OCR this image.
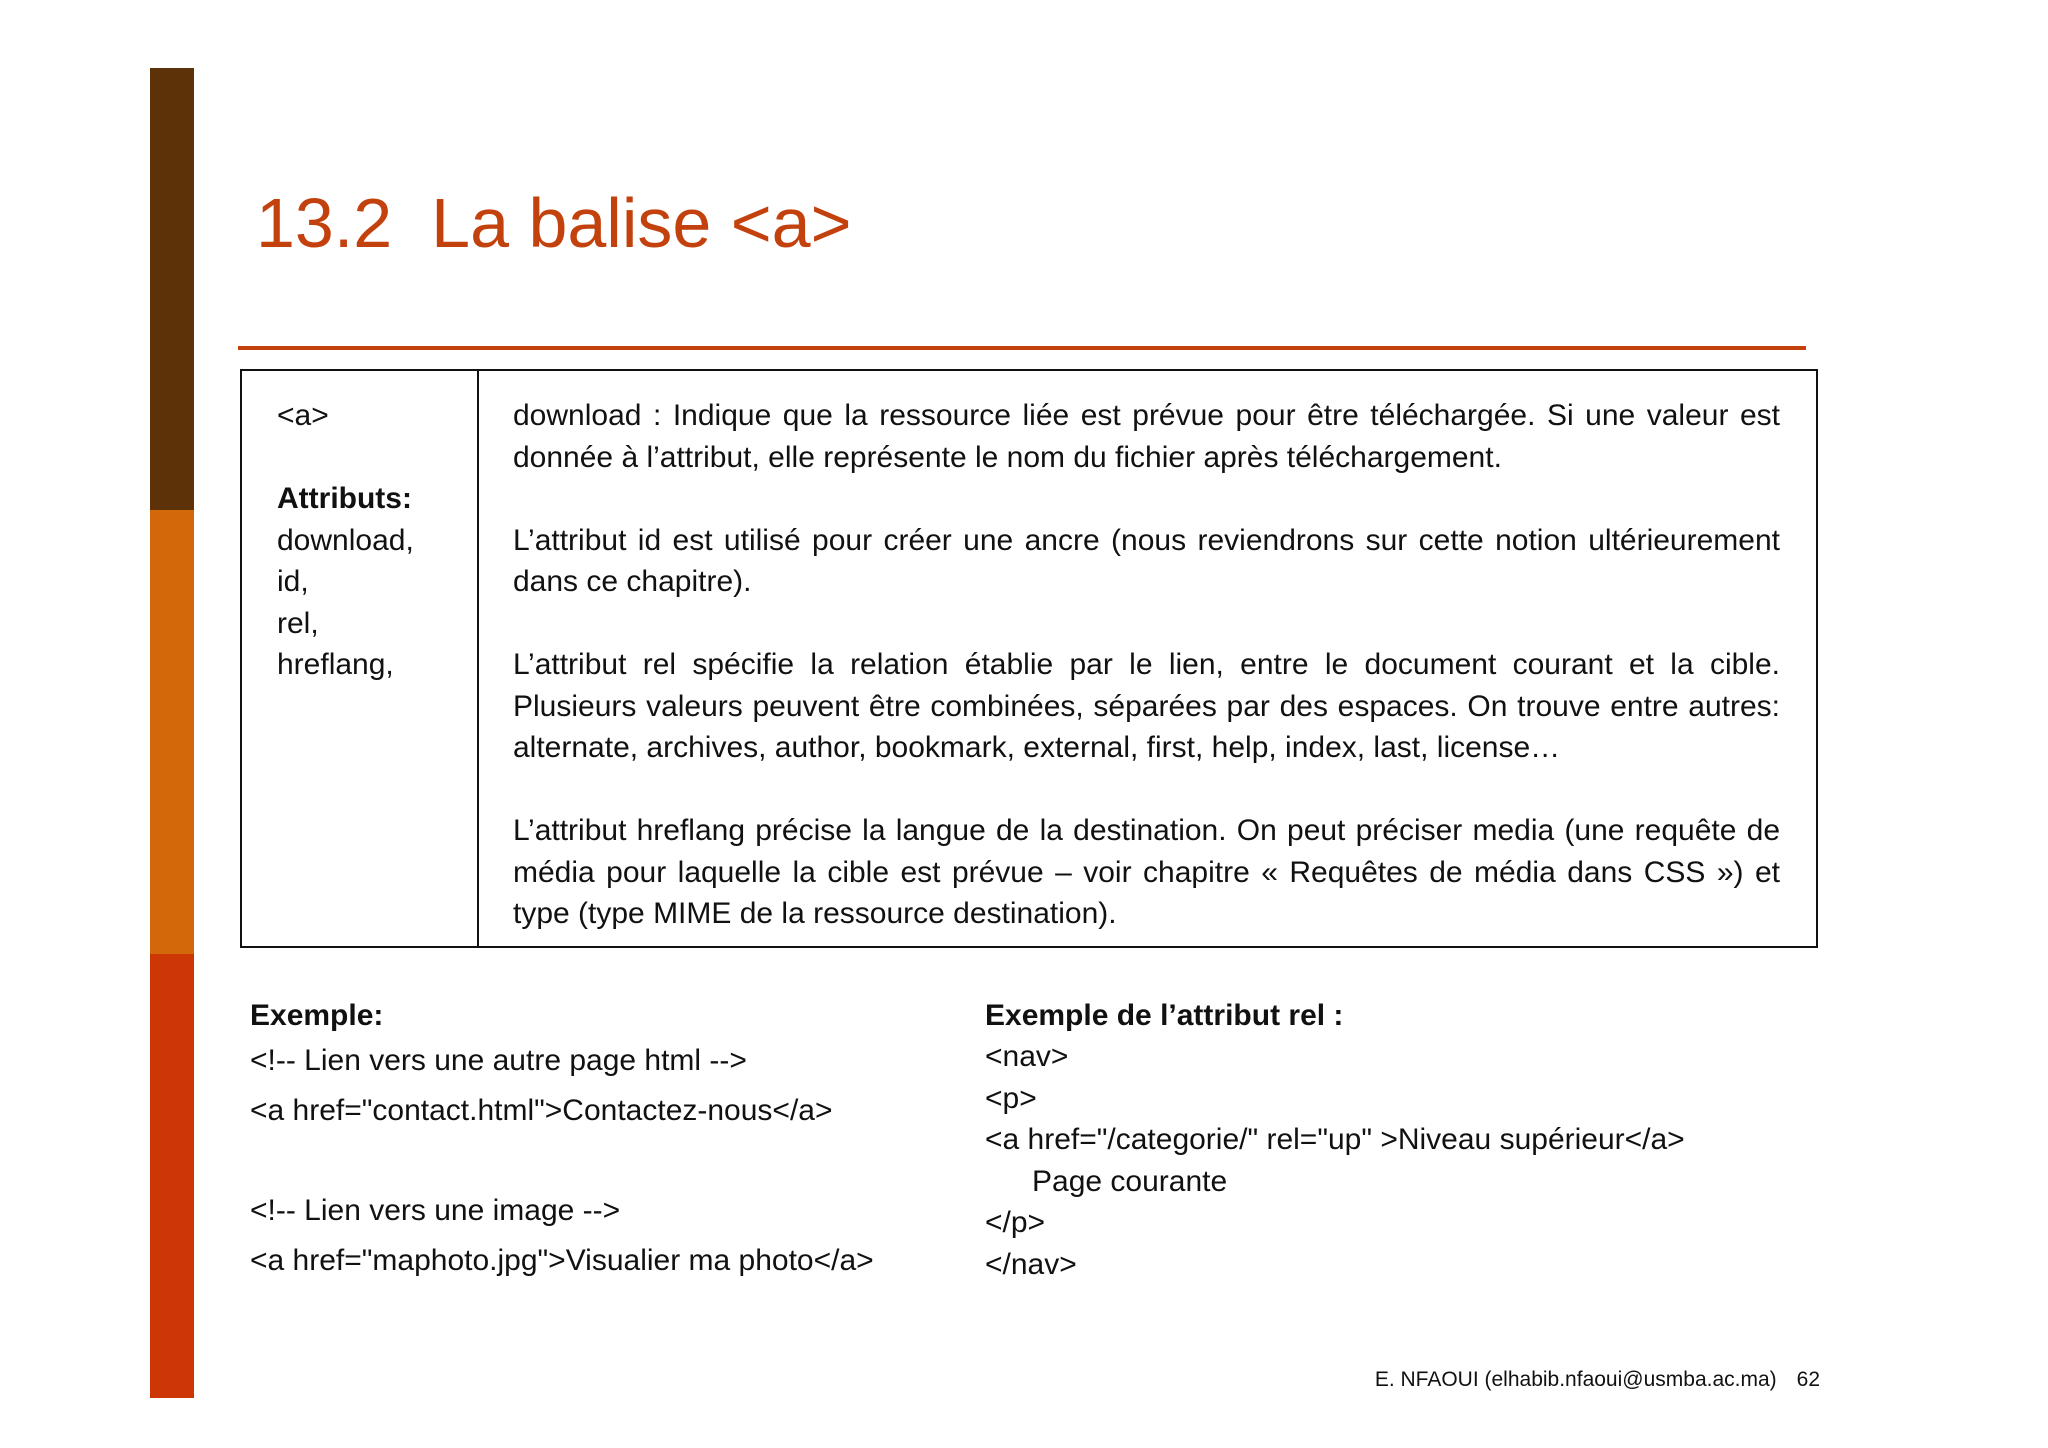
13.2  La balise <a>
<a>
Attributs:
download,
id,
rel,
hreflang,

download : Indique que la ressource liée est prévue pour être téléchargée. Si une valeur est donnée à l’attribut, elle représente le nom du fichier après téléchargement.

L’attribut id est utilisé pour créer une ancre (nous reviendrons sur cette notion ultérieurement dans ce chapitre).

L’attribut rel spécifie la relation établie par le lien, entre le document courant et la cible. Plusieurs valeurs peuvent être combinées, séparées par des espaces. On trouve entre autres: alternate, archives, author, bookmark, external, first, help, index, last, license…

L’attribut hreflang précise la langue de la destination. On peut préciser media (une requête de média pour laquelle la cible est prévue – voir chapitre « Requêtes de média dans CSS ») et type (type MIME de la ressource destination).

Exemple:
<!-- Lien vers une autre page html -->
<a href="contact.html">Contactez-nous</a>
<!-- Lien vers une image -->
<a href="maphoto.jpg">Visualier ma photo</a>
Exemple de l’attribut rel :
<nav>
<p>
<a href="/categorie/" rel="up" >Niveau supérieur</a>
Page courante
</p>
</nav>
E. NFAOUI (elhabib.nfaoui@usmba.ac.ma) 62
